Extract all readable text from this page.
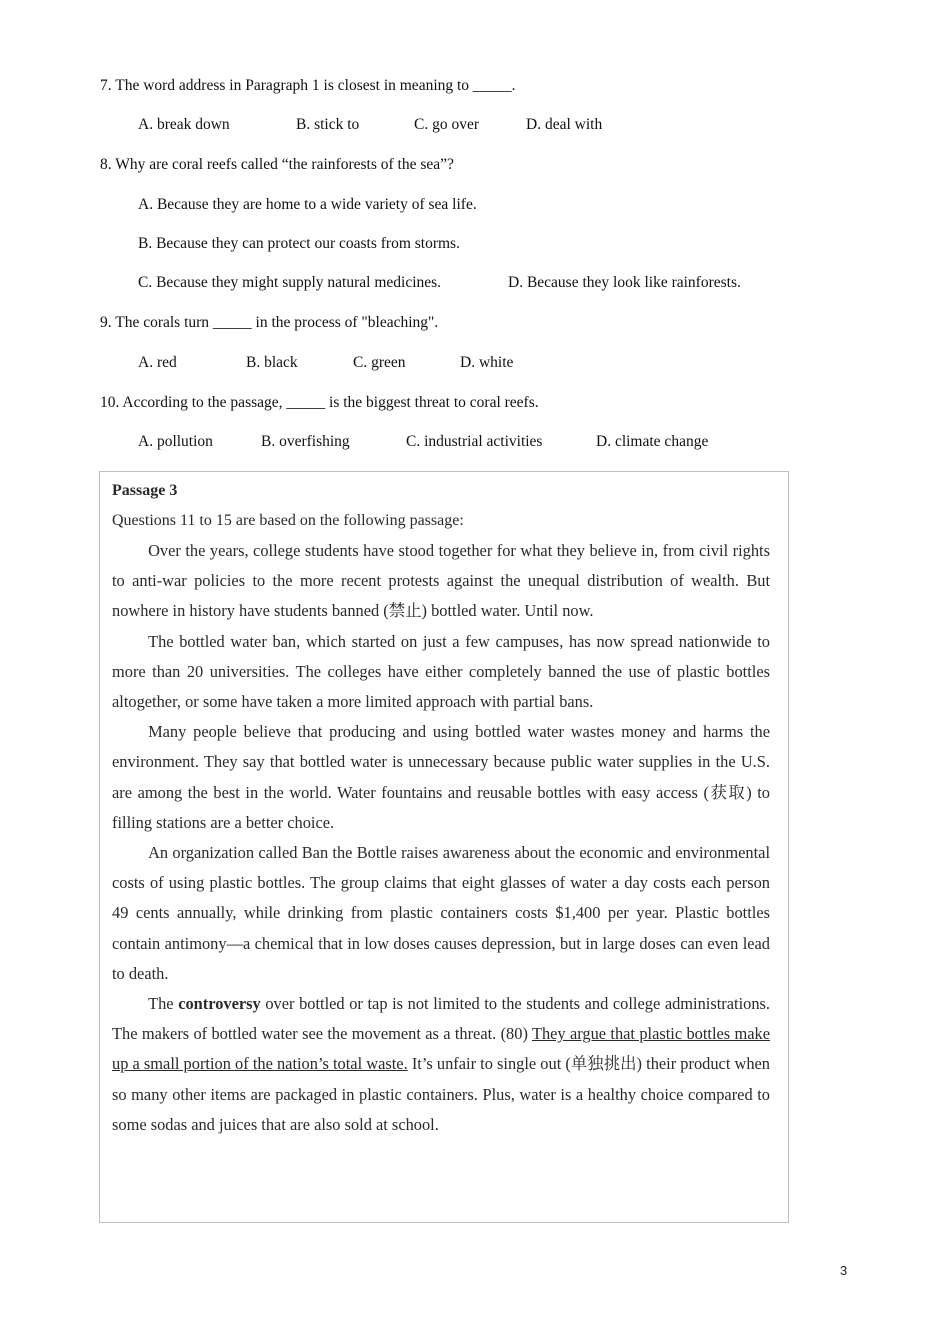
7. The word address in Paragraph 1 is closest in meaning to _____.
A. break down	B. stick to	C. go over	D. deal with
8. Why are coral reefs called “the rainforests of the sea”?
A. Because they are home to a wide variety of sea life.
B. Because they can protect our coasts from storms.
C. Because they might supply natural medicines.	D. Because they look like rainforests.
9. The corals turn _____ in the process of "bleaching".
A. red	B. black	C. green	D. white
10. According to the passage, _____ is the biggest threat to coral reefs.
A. pollution	B. overfishing	C. industrial activities	D. climate change
Passage 3
Questions 11 to 15 are based on the following passage:

Over the years, college students have stood together for what they believe in, from civil rights to anti-war policies to the more recent protests against the unequal distribution of wealth. But nowhere in history have students banned (禁止) bottled water. Until now.

The bottled water ban, which started on just a few campuses, has now spread nationwide to more than 20 universities. The colleges have either completely banned the use of plastic bottles altogether, or some have taken a more limited approach with partial bans.

Many people believe that producing and using bottled water wastes money and harms the environment. They say that bottled water is unnecessary because public water supplies in the U.S. are among the best in the world. Water fountains and reusable bottles with easy access (获取) to filling stations are a better choice.

An organization called Ban the Bottle raises awareness about the economic and environmental costs of using plastic bottles. The group claims that eight glasses of water a day costs each person 49 cents annually, while drinking from plastic containers costs $1,400 per year. Plastic bottles contain antimony—a chemical that in low doses causes depression, but in large doses can even lead to death.

The controversy over bottled or tap is not limited to the students and college administrations. The makers of bottled water see the movement as a threat. (80) They argue that plastic bottles make up a small portion of the nation’s total waste. It’s unfair to single out (单独挑出) their product when so many other items are packaged in plastic containers. Plus, water is a healthy choice compared to some sodas and juices that are also sold at school.

3
